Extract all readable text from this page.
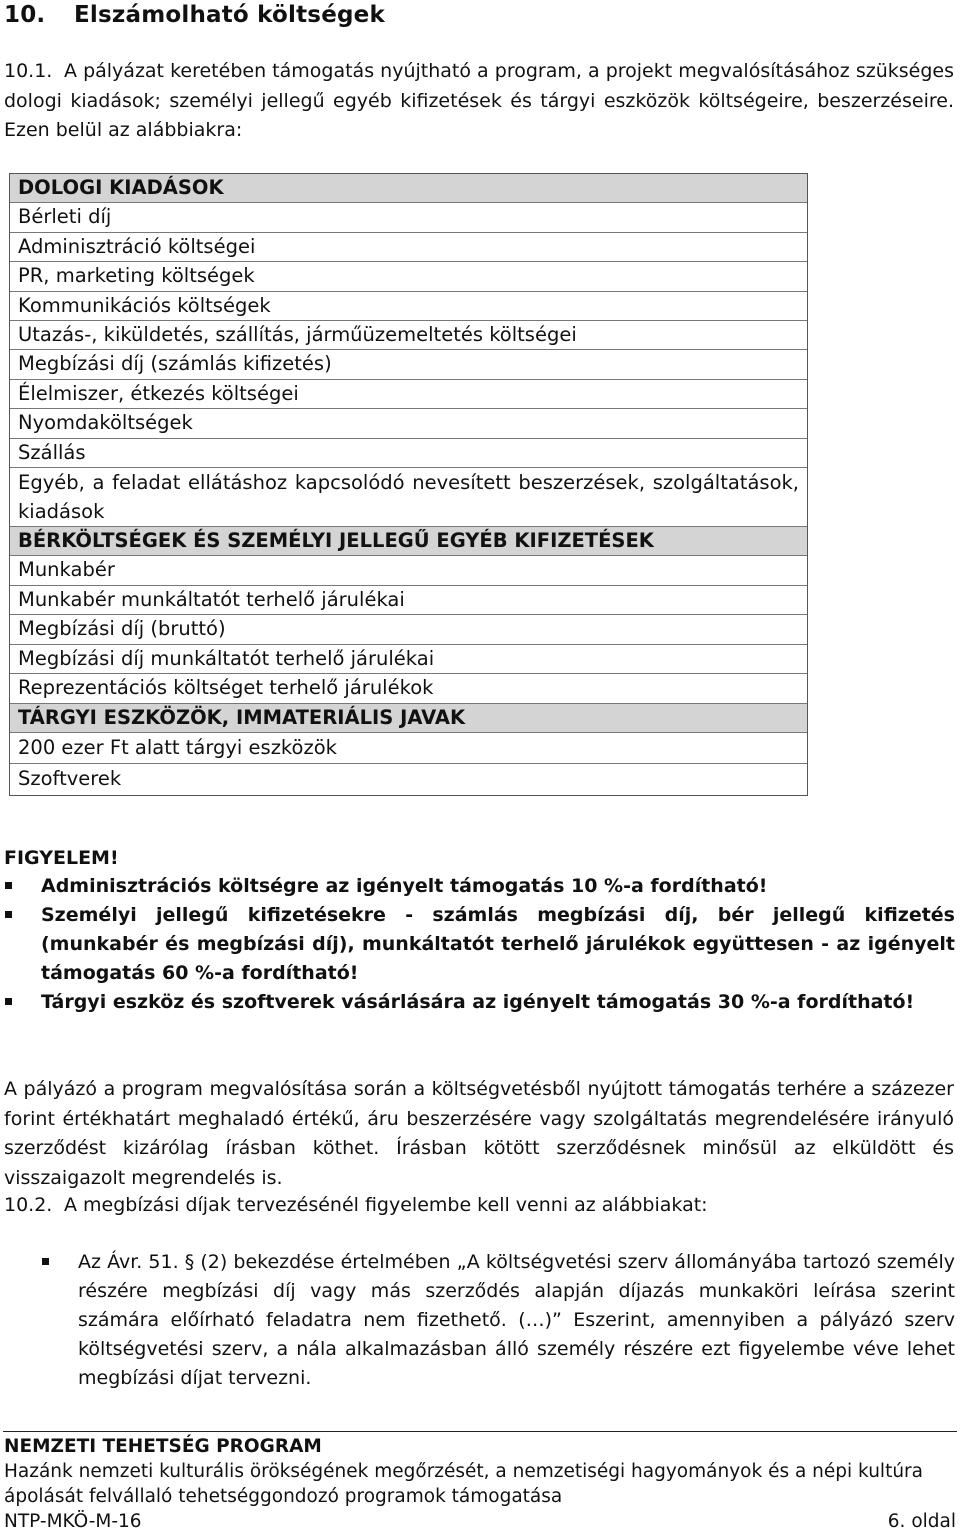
10. Elszámolható költségek
10.1. A pályázat keretében támogatás nyújtható a program, a projekt megvalósításához szükséges dologi kiadások; személyi jellegű egyéb kifizetések és tárgyi eszközök költségeire, beszerzéseire. Ezen belül az alábbiakra:
DOLOGI KIADÁSOK
Bérleti díj
Adminisztráció költségei
PR, marketing költségek
Kommunikációs költségek
Utazás-, kiküldetés, szállítás, járműüzemeltetés költségei
Megbízási díj (számlás kifizetés)
Élelmiszer, étkezés költségei
Nyomdaköltségek
Szállás
Egyéb, a feladat ellátáshoz kapcsolódó nevesített beszerzések, szolgáltatások, kiadások
BÉRKÖLTSÉGEK ÉS SZEMÉLYI JELLEGŰ EGYÉB KIFIZETÉSEK
Munkabér
Munkabér munkáltatót terhelő járulékai
Megbízási díj (bruttó)
Megbízási díj munkáltatót terhelő járulékai
Reprezentációs költséget terhelő járulékok
TÁRGYI ESZKÖZÖK, IMMATERIÁLIS JAVAK
200 ezer Ft alatt tárgyi eszközök
Szoftverek
FIGYELEM!
Adminisztrációs költségre az igényelt támogatás 10 %-a fordítható!
Személyi jellegű kifizetésekre - számlás megbízási díj, bér jellegű kifizetés (munkabér és megbízási díj), munkáltatót terhelő járulékok együttesen - az igényelt támogatás 60 %-a fordítható!
Tárgyi eszköz és szoftverek vásárlására az igényelt támogatás 30 %-a fordítható!
A pályázó a program megvalósítása során a költségvetésből nyújtott támogatás terhére a százezer forint értékhatárt meghaladó értékű, áru beszerzésére vagy szolgáltatás megrendelésére irányuló szerződést kizárólag írásban köthet. Írásban kötött szerződésnek minősül az elküldött és visszaigazolt megrendelés is.
10.2. A megbízási díjak tervezésénél figyelembe kell venni az alábbiakat:
Az Ávr. 51. § (2) bekezdése értelmében „A költségvetési szerv állományába tartozó személy részére megbízási díj vagy más szerződés alapján díjazás munkaköri leírása szerint számára előírható feladatra nem fizethető. (…)” Eszerint, amennyiben a pályázó szerv költségvetési szerv, a nála alkalmazásban álló személy részére ezt figyelembe véve lehet megbízási díjat tervezni.
NEMZETI TEHETSÉG PROGRAM
Hazánk nemzeti kulturális örökségének megőrzését, a nemzetiségi hagyományok és a népi kultúra ápolását felvállaló tehetséggondozó programok támogatása
NTP-MKÖ-M-16	6. oldal
